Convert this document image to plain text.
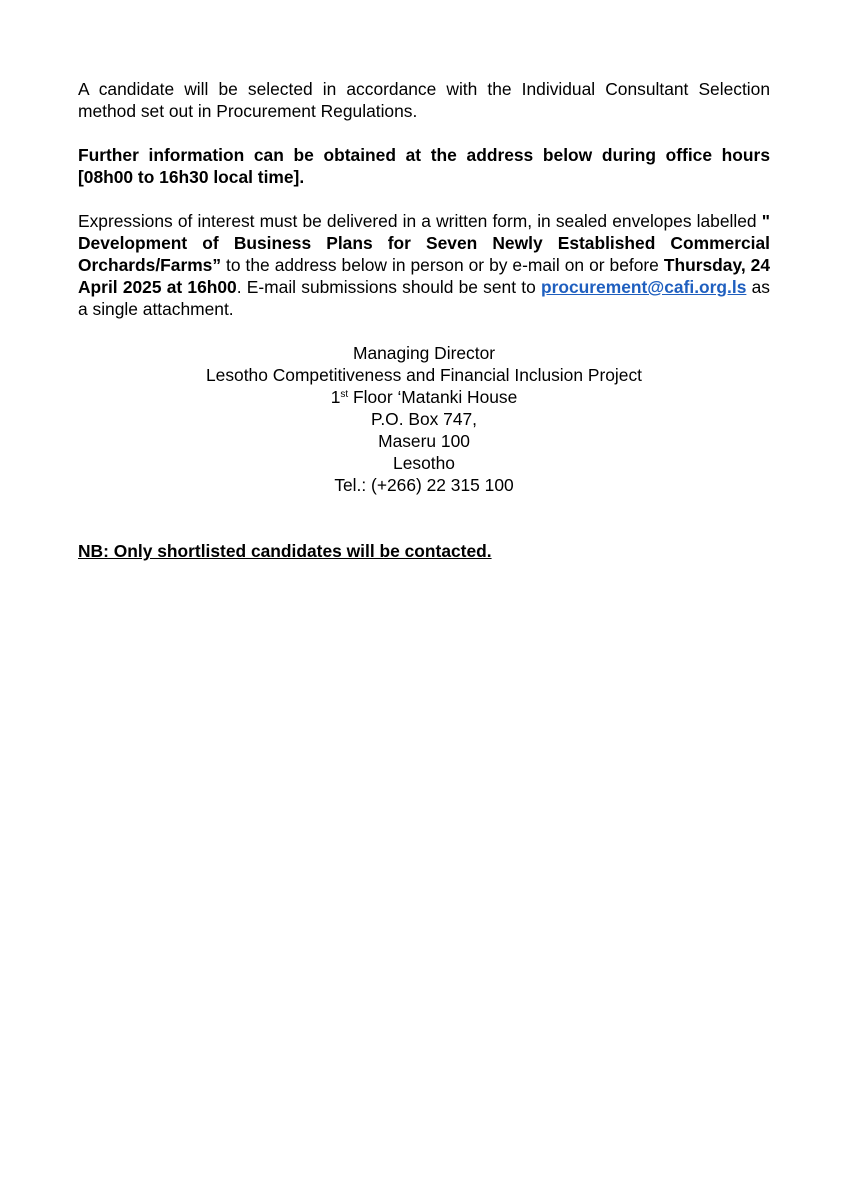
A candidate will be selected in accordance with the Individual Consultant Selection method set out in Procurement Regulations.

Further information can be obtained at the address below during office hours [08h00 to 16h30 local time].

Expressions of interest must be delivered in a written form, in sealed envelopes labelled " Development of Business Plans for Seven Newly Established Commercial Orchards/Farms” to the address below in person or by e-mail on or before Thursday, 24 April 2025 at 16h00. E-mail submissions should be sent to procurement@cafi.org.ls as a single attachment.

Managing Director
Lesotho Competitiveness and Financial Inclusion Project
1st Floor ‘Matanki House
P.O. Box 747,
Maseru 100
Lesotho
Tel.: (+266) 22 315 100

NB: Only shortlisted candidates will be contacted.
